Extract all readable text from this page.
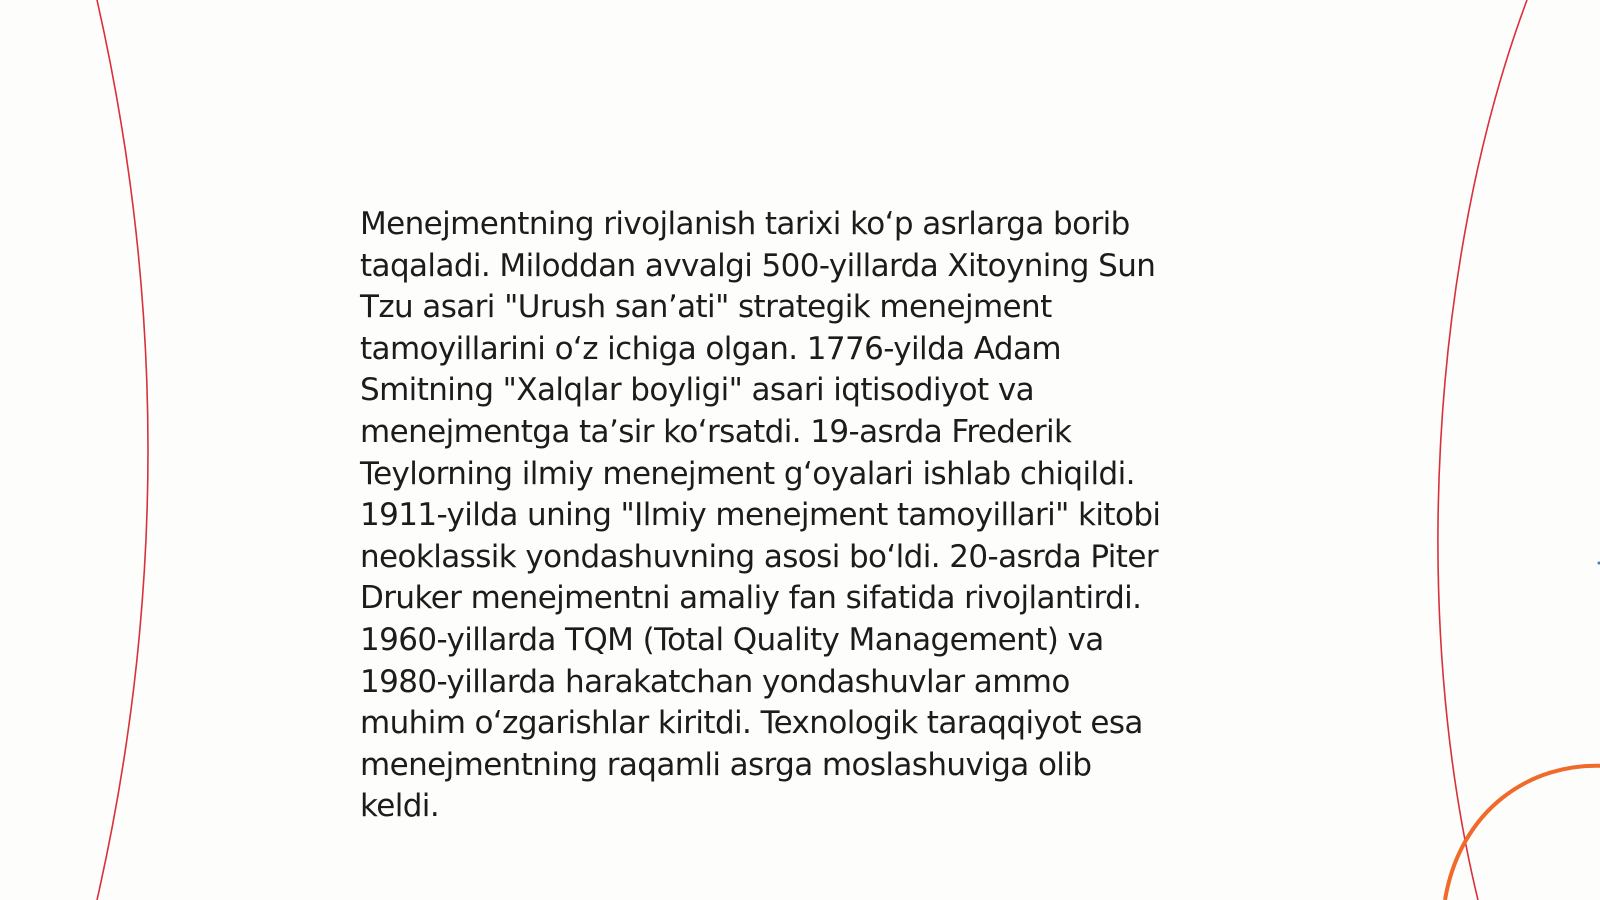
Menejmentning rivojlanish tarixi koʻp asrlarga borib
taqaladi. Miloddan avvalgi 500-yillarda Xitoyning Sun
Tzu asari "Urush sanʼati" strategik menejment
tamoyillarini oʻz ichiga olgan. 1776-yilda Adam
Smitning "Xalqlar boyligi" asari iqtisodiyot va
menejmentga taʼsir koʻrsatdi. 19-asrda Frederik
Teylorning ilmiy menejment gʻoyalari ishlab chiqildi.
1911-yilda uning "Ilmiy menejment tamoyillari" kitobi
neoklassik yondashuvning asosi boʻldi. 20-asrda Piter
Druker menejmentni amaliy fan sifatida rivojlantirdi.
1960-yillarda TQM (Total Quality Management) va
1980-yillarda harakatchan yondashuvlar ammo
muhim oʻzgarishlar kiritdi. Texnologik taraqqiyot esa
menejmentning raqamli asrga moslashuviga olib
keldi.
